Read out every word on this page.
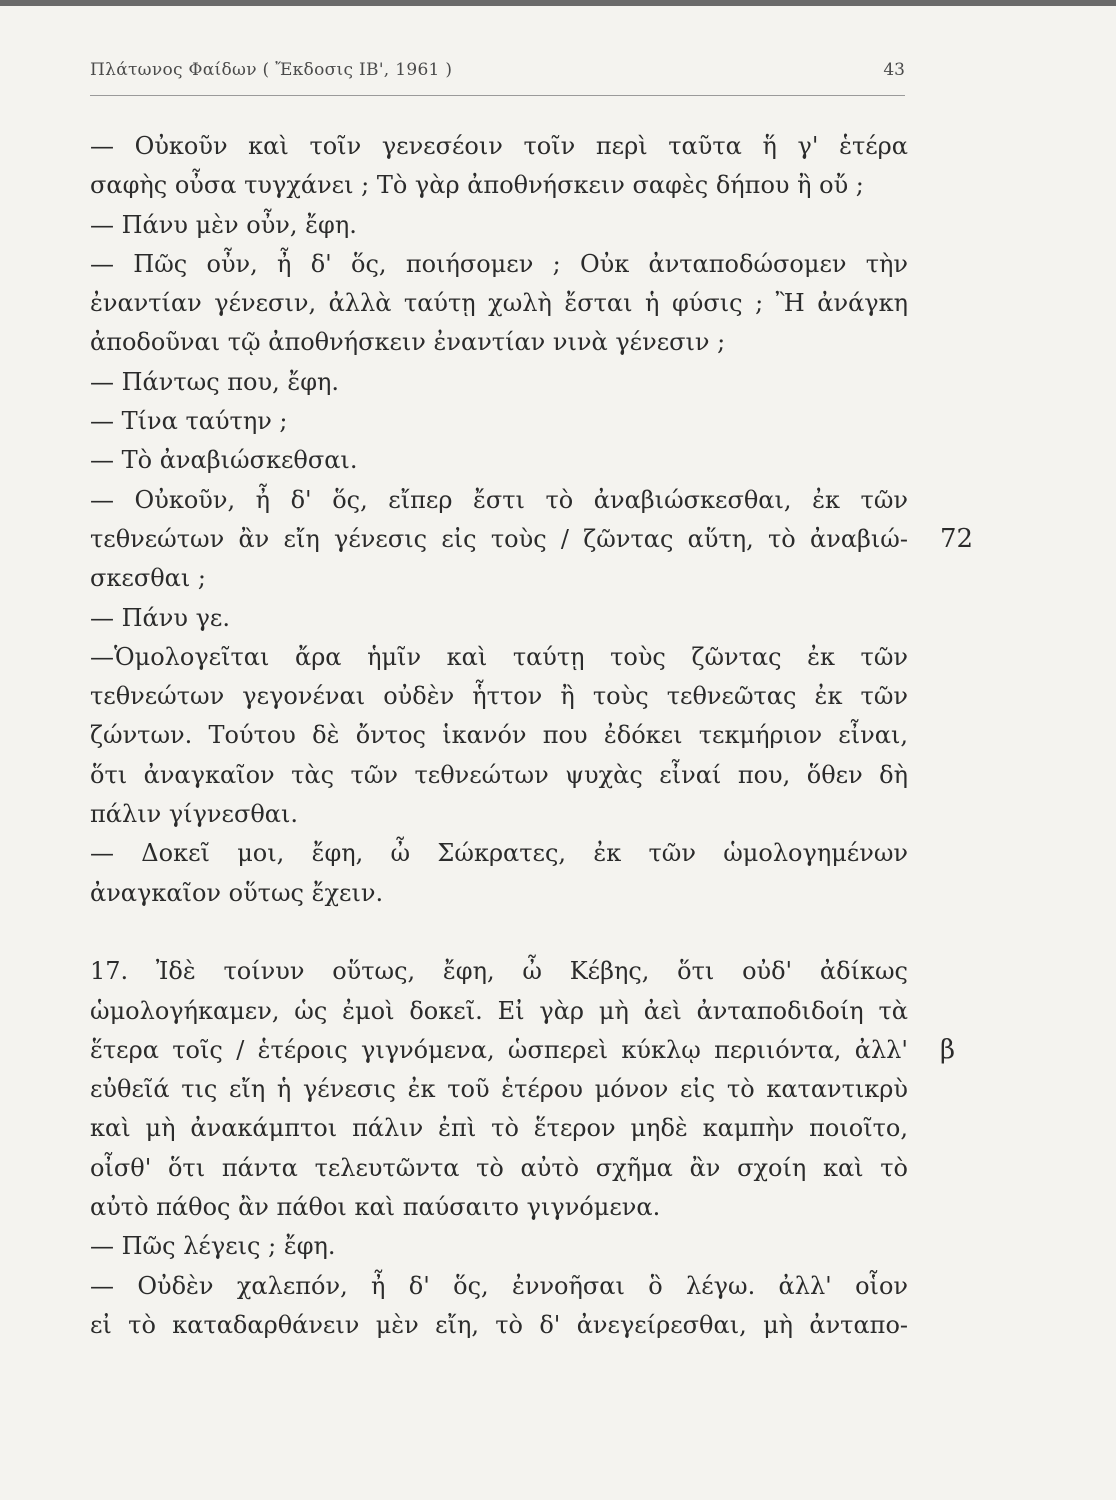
Πλάτωνος Φαίδων ( Ἔκδοσις ΙΒ', 1961 )	43
— Οὐκοῦν καὶ τοῖν γενεσέοιν τοῖν περὶ ταῦτα ἥ γ' ἑτέρα
σαφὴς οὖσα τυγχάνει ; Τὸ γὰρ ἀποθνήσκειν σαφὲς δήπου ἢ οὔ ;
— Πάνυ μὲν οὖν, ἔφη.
— Πῶς οὖν, ἦ δ' ὅς, ποιήσομεν ; Οὐκ ἀνταποδώσομεν τὴν
ἐναντίαν γένεσιν, ἀλλὰ ταύτῃ χωλὴ ἔσται ἡ φύσις ; Ἢ ἀνάγκη
ἀποδοῦναι τῷ ἀποθνήσκειν ἐναντίαν νινὰ γένεσιν ;
— Πάντως που, ἔφη.
— Τίνα ταύτην ;
— Τὸ ἀναβιώσκεθσαι.
— Οὐκοῦν, ἦ δ' ὅς, εἴπερ ἔστι τὸ ἀναβιώσκεσθαι, ἐκ τῶν
τεθνεώτων ἂν εἴη γένεσις εἰς τοὺς / ζῶντας αὕτη, τὸ ἀναβιώ- 72
σκεσθαι ;
— Πάνυ γε.
—Ὁμολογεῖται ἄρα ἡμῖν καὶ ταύτῃ τοὺς ζῶντας ἐκ τῶν
τεθνεώτων γεγονέναι οὐδὲν ἧττον ἢ τοὺς τεθνεῶτας ἐκ τῶν
ζώντων. Τούτου δὲ ὄντος ἱκανόν που ἐδόκει τεκμήριον εἶναι,
ὅτι ἀναγκαῖον τὰς τῶν τεθνεώτων ψυχὰς εἶναί που, ὅθεν δὴ
πάλιν γίγνεσθαι.
— Δοκεῖ μοι, ἔφη, ὦ Σώκρατες, ἐκ τῶν ὡμολογημένων
ἀναγκαῖον οὕτως ἔχειν.
17. Ἰδὲ τοίνυν οὕτως, ἔφη, ὦ Κέβης, ὅτι οὐδ' ἀδίκως
ὡμολογήκαμεν, ὡς ἐμοὶ δοκεῖ. Εἰ γὰρ μὴ ἀεὶ ἀνταποδιδοίη τὰ
ἕτερα τοῖς / ἑτέροις γιγνόμενα, ὡσπερεὶ κύκλῳ περιιόντα, ἀλλ' β
εὐθεῖά τις εἴη ἡ γένεσις ἐκ τοῦ ἑτέρου μόνον εἰς τὸ καταντικρὺ
καὶ μὴ ἀνακάμπτοι πάλιν ἐπὶ τὸ ἕτερον μηδὲ καμπὴν ποιοῖτο,
οἶσθ' ὅτι πάντα τελευτῶντα τὸ αὐτὸ σχῆμα ἂν σχοίη καὶ τὸ
αὐτὸ πάθος ἂν πάθοι καὶ παύσαιτο γιγνόμενα.
— Πῶς λέγεις ; ἔφη.
— Οὐδὲν χαλεπόν, ἦ δ' ὅς, ἐννοῆσαι ὃ λέγω. ἀλλ' οἷον
εἰ τὸ καταδαρθάνειν μὲν εἴη, τὸ δ' ἀνεγείρεσθαι, μὴ ἀνταπο-
